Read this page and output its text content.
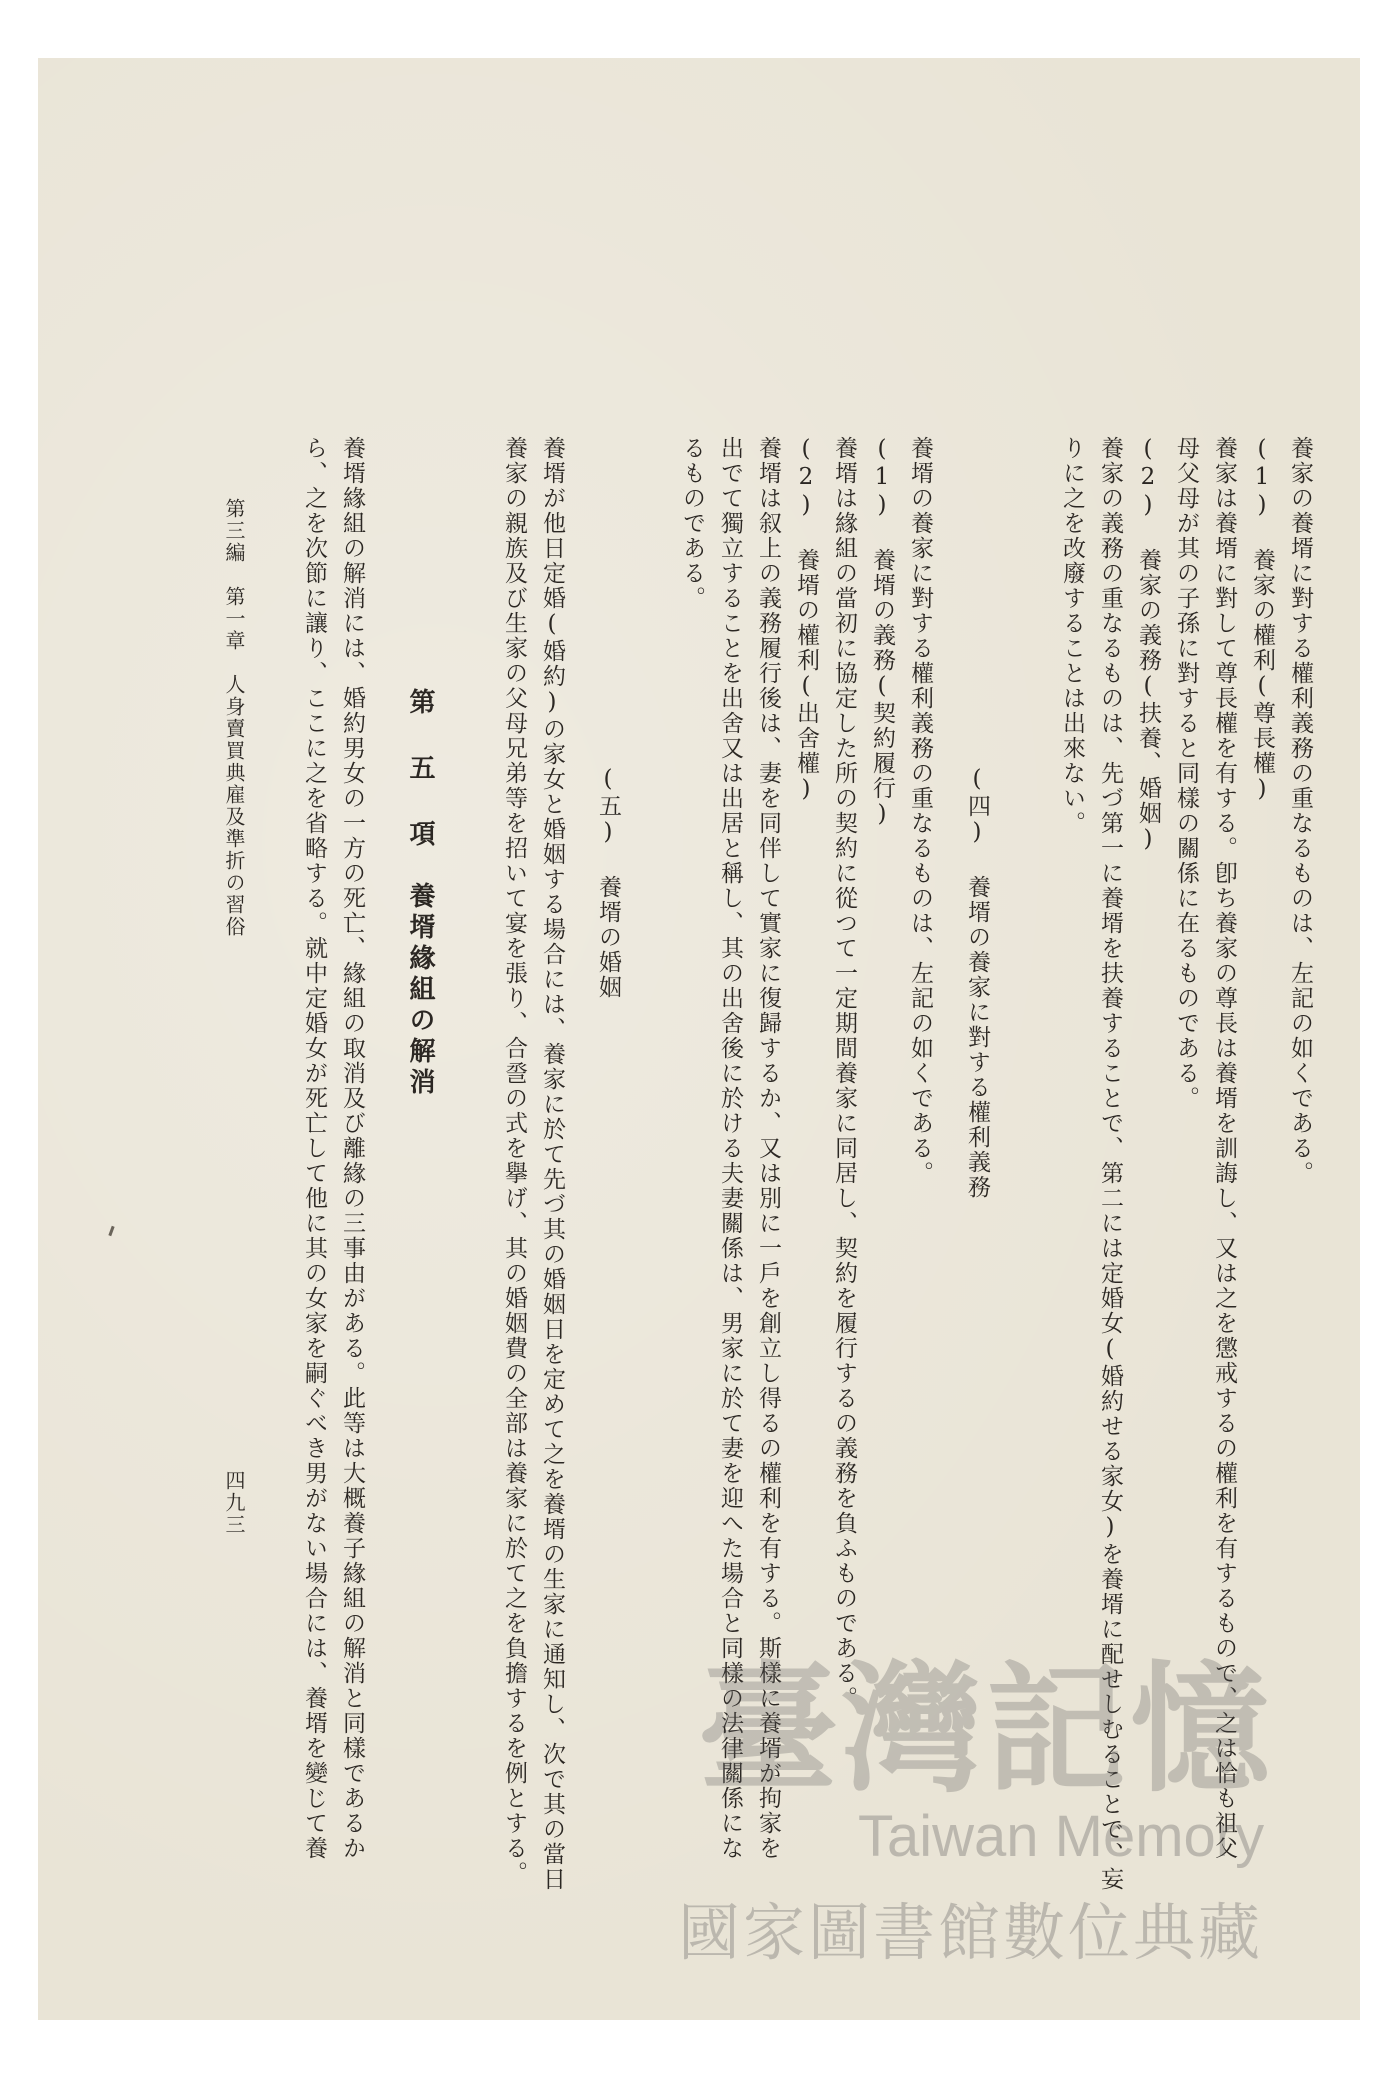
養家の養壻に對する權利義務の重なるものは、左記の如くである。
(1) 養家の權利(尊長權)
養家は養壻に對して尊長權を有する。卽ち養家の尊長は養壻を訓誨し、又は之を懲戒するの權利を有するもので、之は恰も祖父
母父母が其の子孫に對すると同樣の關係に在るものである。
(2) 養家の義務(扶養、婚姻)
養家の義務の重なるものは、先づ第一に養壻を扶養することで、第二には定婚女(婚約せる家女)を養壻に配せしむることで、妄
りに之を改廢することは出來ない。
(四) 養壻の養家に對する權利義務
養壻の養家に對する權利義務の重なるものは、左記の如くである。
(1) 養壻の義務(契約履行)
養壻は緣組の當初に協定した所の契約に從つて一定期間養家に同居し、契約を履行するの義務を負ふものである。
(2) 養壻の權利(出舍權)
養壻は叙上の義務履行後は、妻を同伴して實家に復歸するか、又は別に一戶を創立し得るの權利を有する。斯樣に養壻が拘家を
出でて獨立することを出舍又は出居と稱し、其の出舍後に於ける夫妻關係は、男家に於て妻を迎へた場合と同樣の法律關係にな
るものである。
(五) 養壻の婚姻
養壻が他日定婚(婚約)の家女と婚姻する場合には、養家に於て先づ其の婚姻日を定めて之を養壻の生家に通知し、次で其の當日
養家の親族及び生家の父母兄弟等を招いて宴を張り、合巹の式を擧げ、其の婚姻費の全部は養家に於て之を負擔するを例とする。
第 五 項　養壻緣組の解消
養壻緣組の解消には、婚約男女の一方の死亡、緣組の取消及び離緣の三事由がある。此等は大概養子緣組の解消と同樣であるか
ら、之を次節に讓り、ここに之を省略する。就中定婚女が死亡して他に其の女家を嗣ぐべき男がない場合には、養壻を變じて養
第三編　第一章　人身賣買典雇及準折の習俗
四九三
臺灣記憶
Taiwan Memory
國家圖書館數位典藏
